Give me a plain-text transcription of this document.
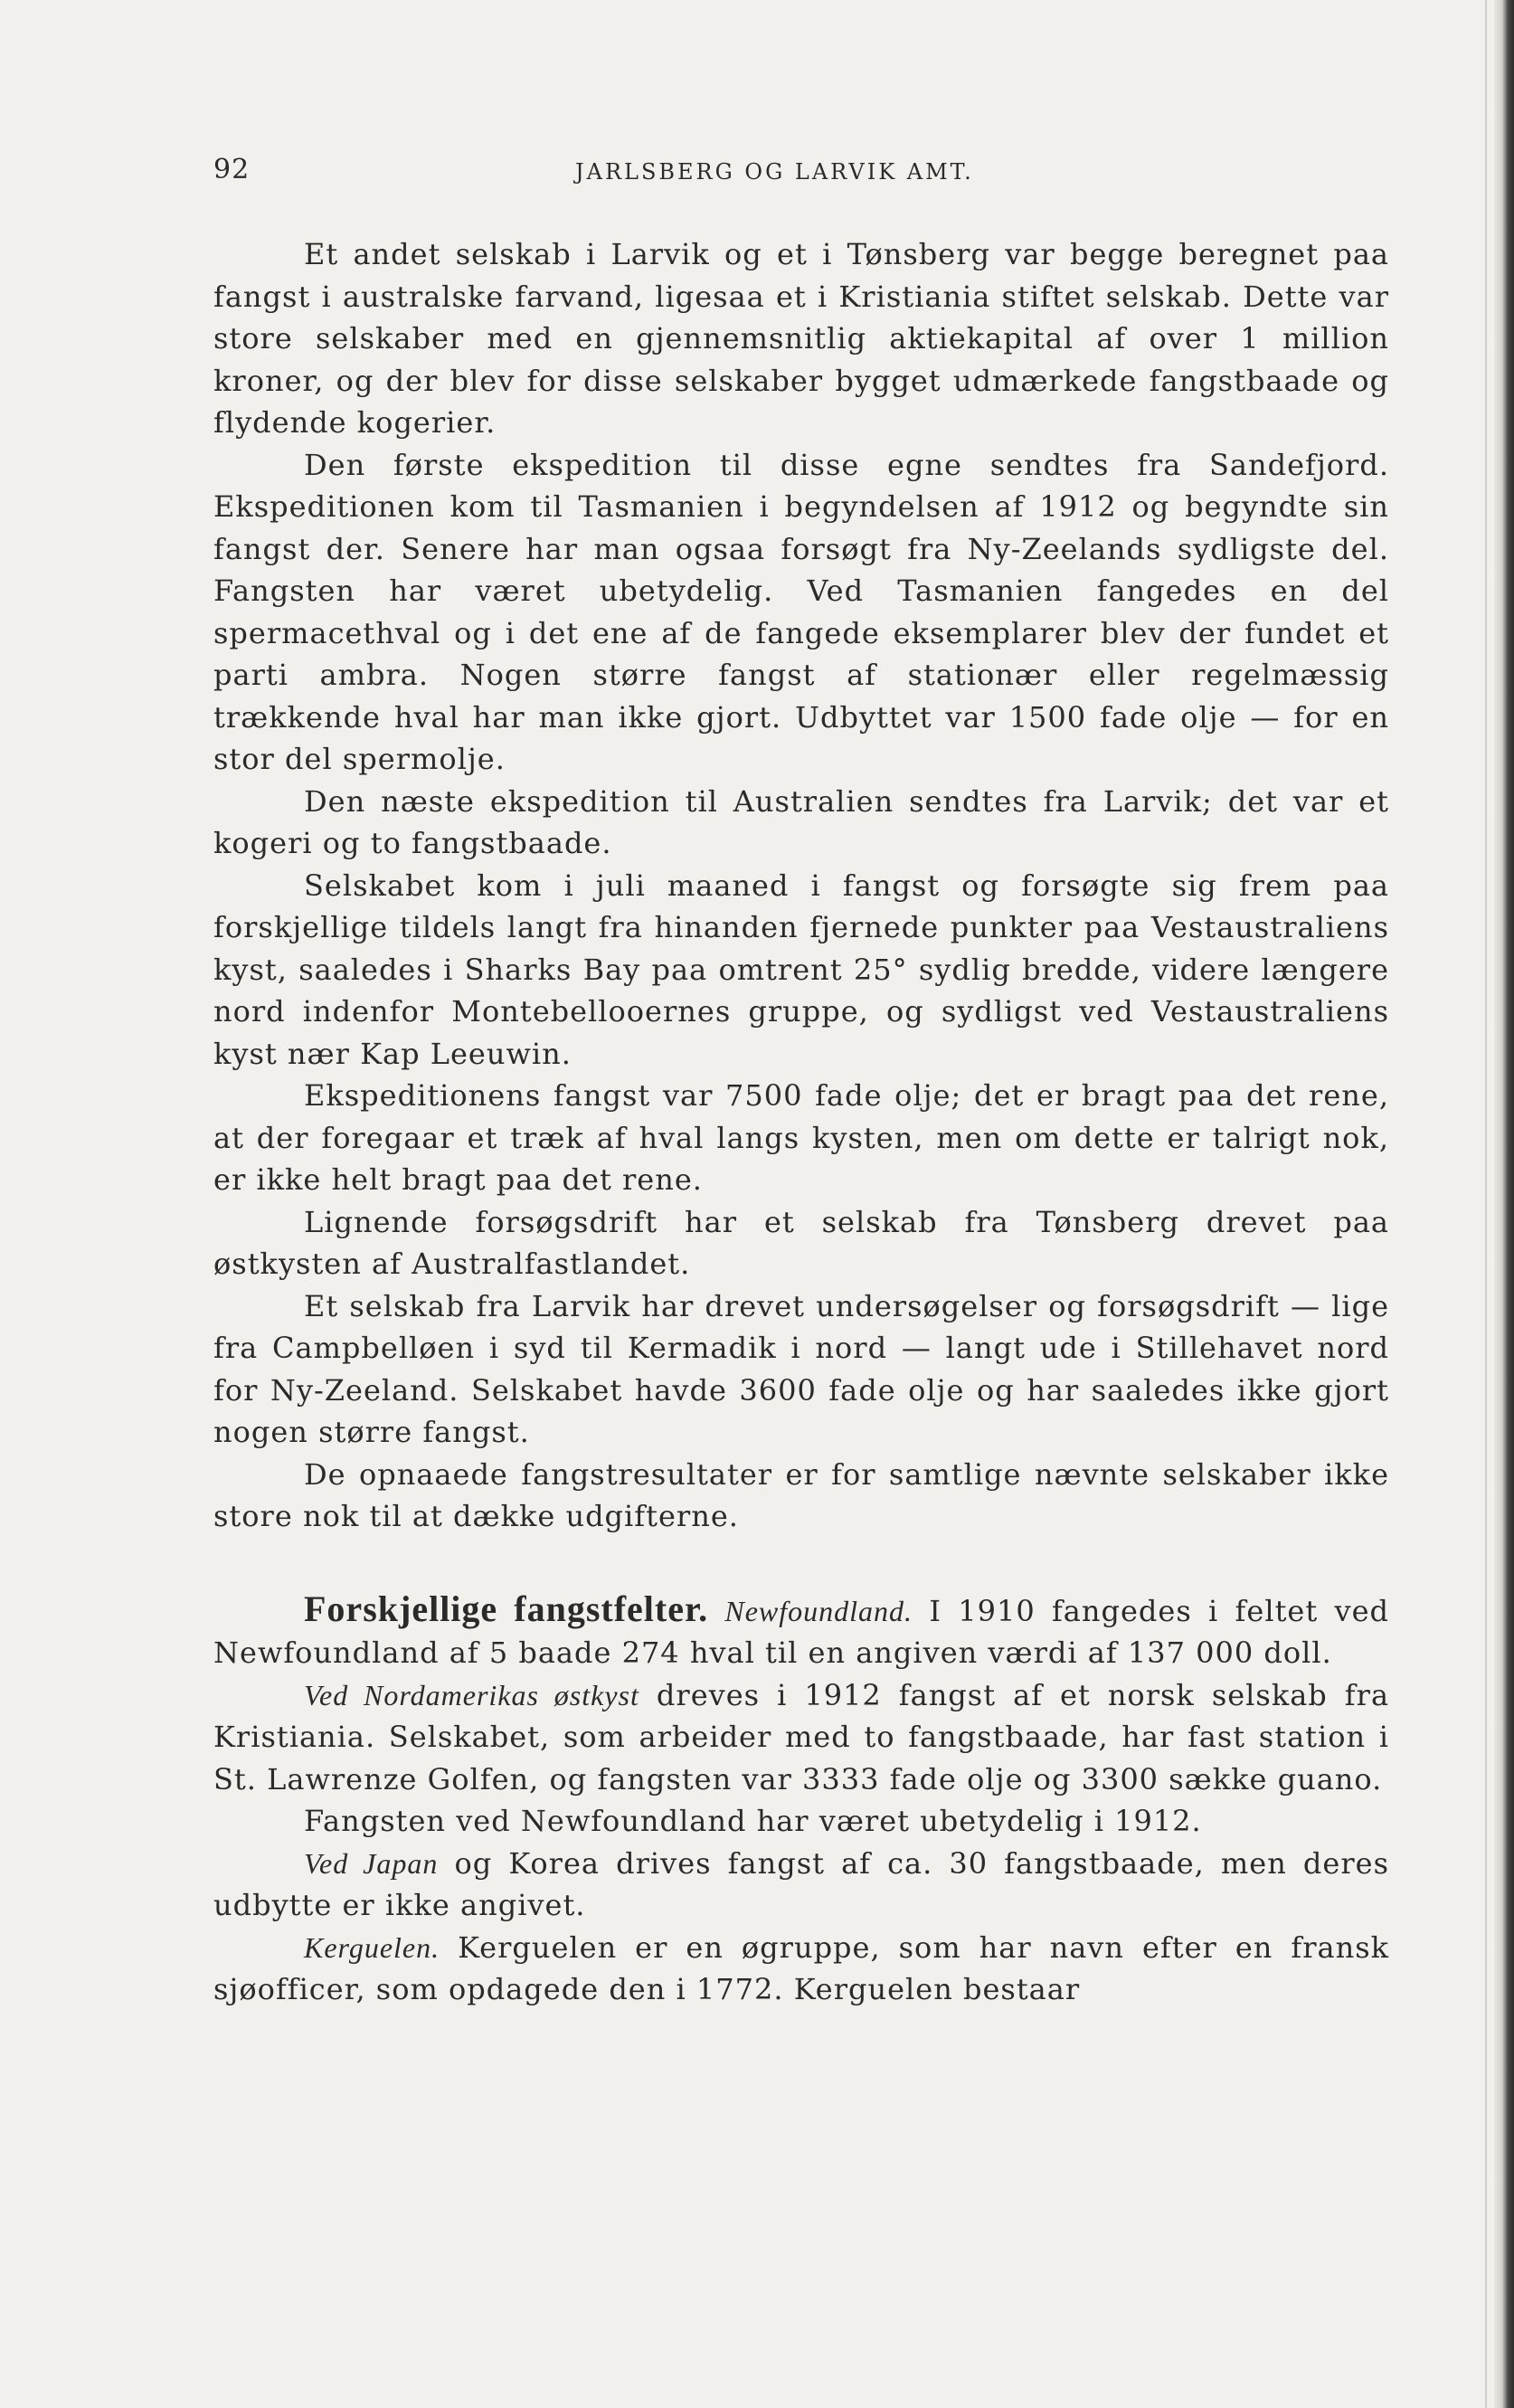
92	JARLSBERG OG LARVIK AMT.

Et andet selskab i Larvik og et i Tønsberg var begge beregnet paa fangst i australske farvand, ligesaa et i Kristiania stiftet selskab. Dette var store selskaber med en gjennemsnitlig aktiekapital af over 1 million kroner, og der blev for disse selskaber bygget udmærkede fangstbaade og flydende kogerier.

Den første ekspedition til disse egne sendtes fra Sandefjord. Ekspeditionen kom til Tasmanien i begyndelsen af 1912 og begyndte sin fangst der. Senere har man ogsaa forsøgt fra Ny-Zeelands sydligste del. Fangsten har været ubetydelig. Ved Tasmanien fangedes en del spermacethval og i det ene af de fangede eksemplarer blev der fundet et parti ambra. Nogen større fangst af stationær eller regelmæssig trækkende hval har man ikke gjort. Udbyttet var 1500 fade olje — for en stor del spermolje.

Den næste ekspedition til Australien sendtes fra Larvik; det var et kogeri og to fangstbaade.

Selskabet kom i juli maaned i fangst og forsøgte sig frem paa forskjellige tildels langt fra hinanden fjernede punkter paa Vestaustraliens kyst, saaledes i Sharks Bay paa omtrent 25° sydlig bredde, videre længere nord indenfor Montebellooernes gruppe, og sydligst ved Vestaustraliens kyst nær Kap Leeuwin.

Ekspeditionens fangst var 7500 fade olje; det er bragt paa det rene, at der foregaar et træk af hval langs kysten, men om dette er talrigt nok, er ikke helt bragt paa det rene.

Lignende forsøgsdrift har et selskab fra Tønsberg drevet paa østkysten af Australfastlandet.

Et selskab fra Larvik har drevet undersøgelser og forsøgsdrift — lige fra Campbelløen i syd til Kermadik i nord — langt ude i Stillehavet nord for Ny-Zeeland. Selskabet havde 3600 fade olje og har saaledes ikke gjort nogen større fangst.

De opnaaede fangstresultater er for samtlige nævnte selskaber ikke store nok til at dække udgifterne.

Forskjellige fangstfelter. Newfoundland. I 1910 fangedes i feltet ved Newfoundland af 5 baade 274 hval til en angiven værdi af 137 000 doll.

Ved Nordamerikas østkyst dreves i 1912 fangst af et norsk selskab fra Kristiania. Selskabet, som arbeider med to fangstbaade, har fast station i St. Lawrenze Golfen, og fangsten var 3333 fade olje og 3300 sække guano.

Fangsten ved Newfoundland har været ubetydelig i 1912.

Ved Japan og Korea drives fangst af ca. 30 fangstbaade, men deres udbytte er ikke angivet.

Kerguelen. Kerguelen er en øgruppe, som har navn efter en fransk sjøofficer, som opdagede den i 1772. Kerguelen bestaar
